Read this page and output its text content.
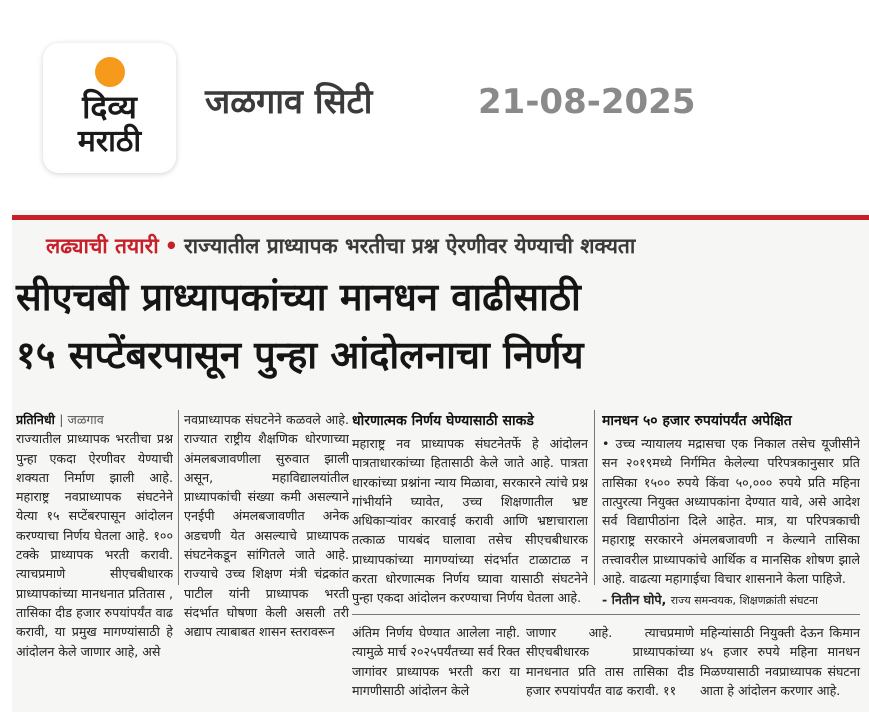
दिव्य
मराठी
जळगाव सिटी	21-08-2025
लढ्याची तयारी • राज्यातील प्राध्यापक भरतीचा प्रश्न ऐरणीवर येण्याची शक्यता
सीएचबी प्राध्यापकांच्या मानधन वाढीसाठी
१५ सप्टेंबरपासून पुन्हा आंदोलनाचा निर्णय
प्रतिनिधी | जळगाव
राज्यातील प्राध्यापक भरतीचा प्रश्न पुन्हा एकदा ऐरणीवर येण्याची शक्यता निर्माण झाली आहे. महाराष्ट्र नवप्राध्यापक संघटनेने येत्या १५ सप्टेंबरपासून आंदोलन करण्याचा निर्णय घेतला आहे. १०० टक्के प्राध्यापक भरती करावी. त्याचप्रमाणे सीएचबीधारक प्राध्यापकांच्या मानधनात प्रतितास , तासिका दीड हजार रुपयांपर्यंत वाढ करावी, या प्रमुख मागण्यांसाठी हे आंदोलन केले जाणार आहे, असे
नवप्राध्यापक संघटनेने कळवले आहे. राज्यात राष्ट्रीय शैक्षणिक धोरणाच्या अंमलबजावणीला सुरुवात झाली असून, महाविद्यालयांतील प्राध्यापकांची संख्या कमी असल्याने एनईपी अंमलबजावणीत अनेक अडचणी येत असल्याचे प्राध्यापक संघटनेकडून सांगितले जाते आहे. राज्याचे उच्च शिक्षण मंत्री चंद्रकांत पाटील यांनी प्राध्यापक भरती संदर्भात घोषणा केली असली तरी अद्याप त्याबाबत शासन स्तरावरून
धोरणात्मक निर्णय घेण्यासाठी साकडे
महाराष्ट्र नव प्राध्यापक संघटनेतर्फे हे आंदोलन पात्रताधारकांच्या हितासाठी केले जाते आहे. पात्रता धारकांच्या प्रश्नांना न्याय मिळावा, सरकारने त्यांचे प्रश्न गांभीर्याने घ्यावेत, उच्च शिक्षणातील भ्रष्ट अधिकाऱ्यांवर कारवाई करावी आणि भ्रष्टाचाराला तत्काळ पायबंद घालावा तसेच सीएचबीधारक प्राध्यापकांच्या मागण्यांच्या संदर्भात टाळाटाळ न करता धोरणात्मक निर्णय घ्यावा यासाठी संघटनेने पुन्हा एकदा आंदोलन करण्याचा निर्णय घेतला आहे.
मानधन ५० हजार रुपयांपर्यंत अपेक्षित
• उच्च न्यायालय मद्रासचा एक निकाल तसेच यूजीसीने सन २०१९मध्ये निर्गमित केलेल्या परिपत्रकानुसार प्रति तासिका १५०० रुपये किंवा ५०,००० रुपये प्रति महिना तात्पुरत्या नियुक्त अध्यापकांना देण्यात यावे, असे आदेश सर्व विद्यापीठांना दिले आहेत. मात्र, या परिपत्रकाची महाराष्ट्र सरकारने अंमलबजावणी न केल्याने तासिका तत्त्वावरील प्राध्यापकांचे आर्थिक व मानसिक शोषण झाले आहे. वाढत्या महागाईचा विचार शासनाने केला पाहिजे.
- नितीन घोपे, राज्य समन्वयक, शिक्षणक्रांती संघटना
अंतिम निर्णय घेण्यात आलेला नाही. त्यामुळे मार्च २०२५पर्यंतच्या सर्व रिक्त जागांवर प्राध्यापक भरती करा या मागणीसाठी आंदोलन केले
जाणार आहे. त्याचप्रमाणे सीएचबीधारक प्राध्यापकांच्या मानधनात प्रति तास तासिका दीड हजार रुपयांपर्यंत वाढ करावी. ११
महिन्यांसाठी नियुक्ती देऊन किमान ४५ हजार रुपये महिना मानधन मिळण्यासाठी नवप्राध्यापक संघटना आता हे आंदोलन करणार आहे.
